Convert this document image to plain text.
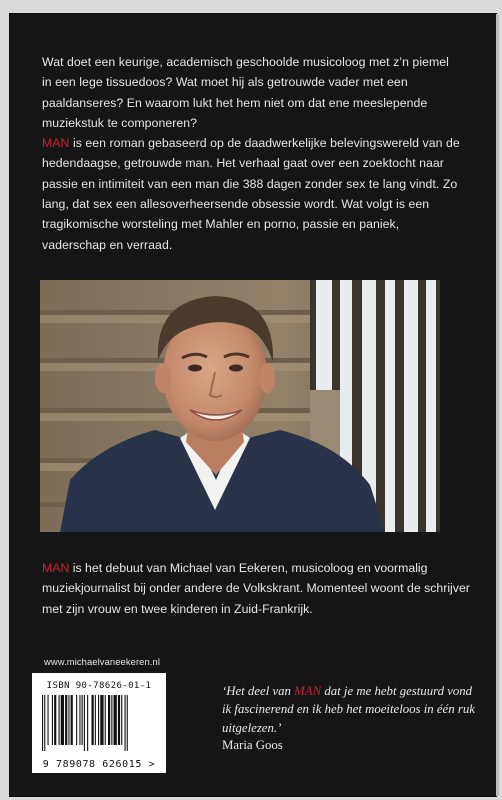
Wat doet een keurige, academisch geschoolde musicoloog met z’n piemel in een lege tissuedoos? Wat moet hij als getrouwde vader met een paaldanseres? En waarom lukt het hem niet om dat ene meeslepende muziekstuk te componeren?

MAN is een roman gebaseerd op de daadwerkelijke belevingswereld van de hedendaagse, getrouwde man. Het verhaal gaat over een zoektocht naar passie en intimiteit van een man die 388 dagen zonder sex te lang vindt. Zo lang, dat sex een allesoverheersende obsessie wordt. Wat volgt is een tragikomische worsteling met Mahler en porno, passie en paniek, vaderschap en verraad.

MAN is het debuut van Michael van Eekeren, musicoloog en voormalig muziekjournalist bij onder andere de Volkskrant. Momenteel woont de schrijver met zijn vrouw en twee kinderen in Zuid-Frankrijk.

www.michaelvaneekeren.nl
ISBN 90-78626-01-1
9 789078 626015 >

‘Het deel van MAN dat je me hebt gestuurd vond ik fascinerend en ik heb het moeiteloos in één ruk uitgelezen.’

Maria Goos
